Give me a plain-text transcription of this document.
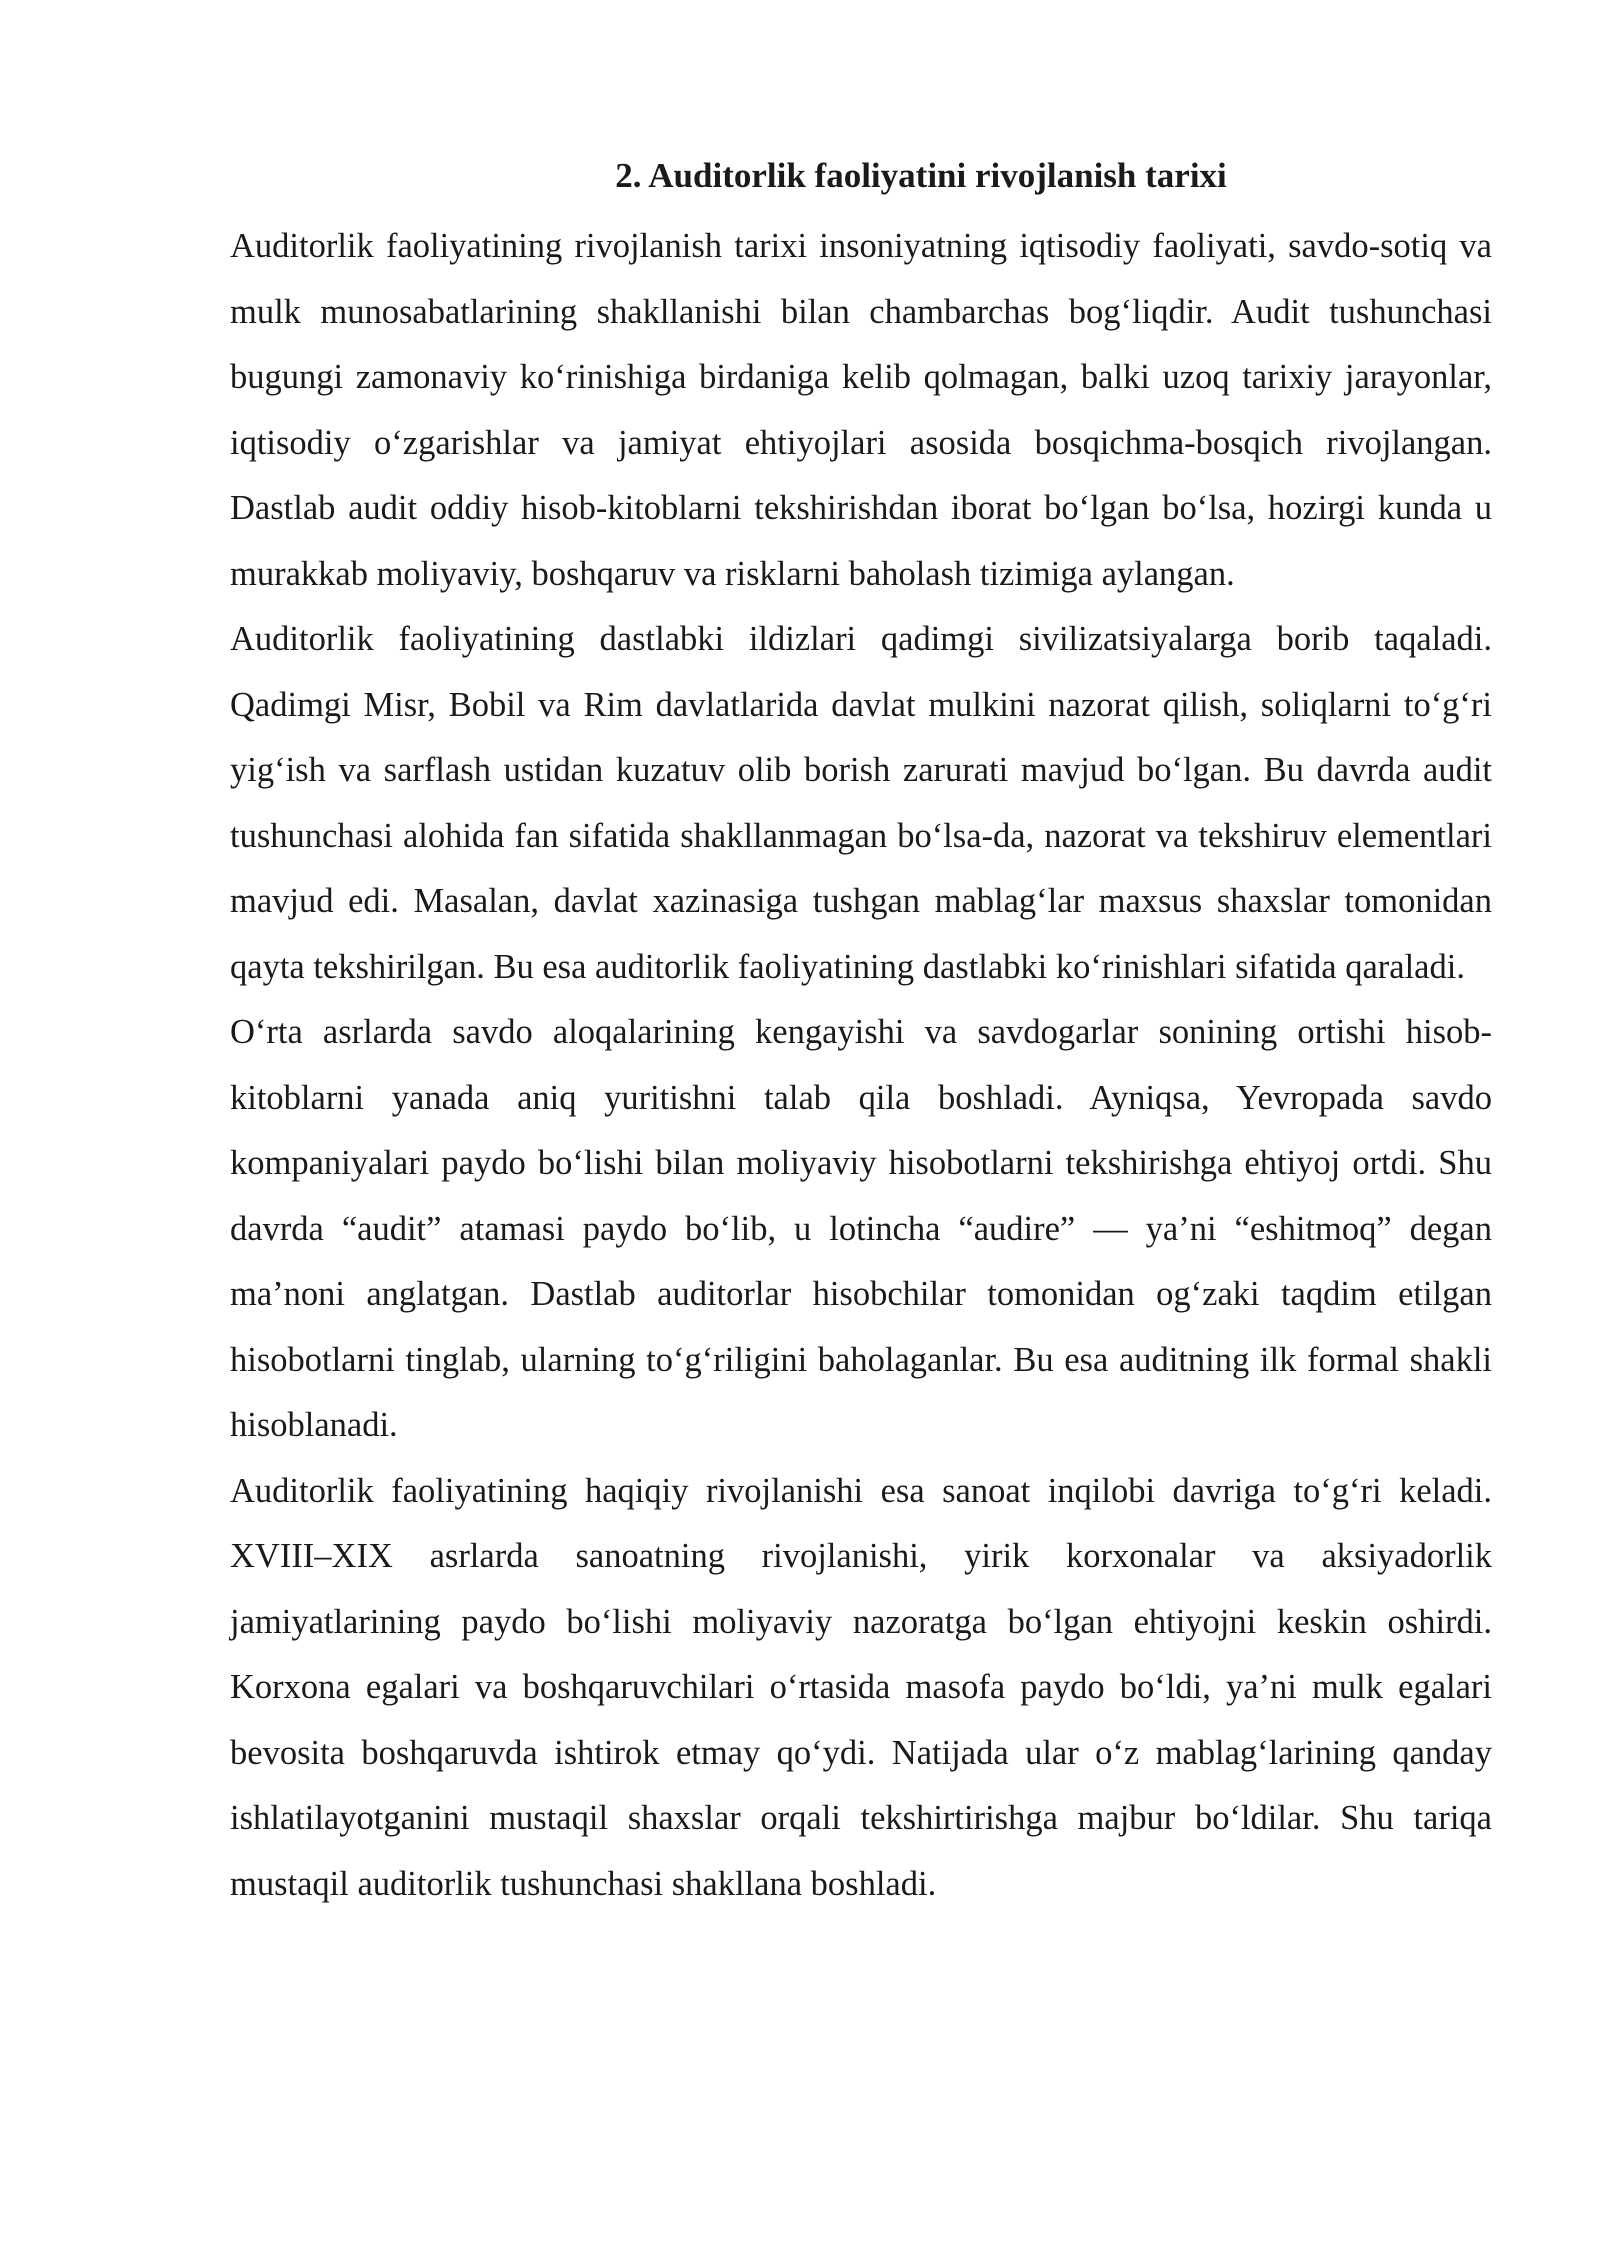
2. Auditorlik faoliyatini rivojlanish tarixi

Auditorlik faoliyatining rivojlanish tarixi insoniyatning iqtisodiy faoliyati, savdo-sotiq va mulk munosabatlarining shakllanishi bilan chambarchas bog‘liqdir. Audit tushunchasi bugungi zamonaviy ko‘rinishiga birdaniga kelib qolmagan, balki uzoq tarixiy jarayonlar, iqtisodiy o‘zgarishlar va jamiyat ehtiyojlari asosida bosqichma-bosqich rivojlangan. Dastlab audit oddiy hisob-kitoblarni tekshirishdan iborat bo‘lgan bo‘lsa, hozirgi kunda u murakkab moliyaviy, boshqaruv va risklarni baholash tizimiga aylangan.

Auditorlik faoliyatining dastlabki ildizlari qadimgi sivilizatsiyalarga borib taqaladi. Qadimgi Misr, Bobil va Rim davlatlarida davlat mulkini nazorat qilish, soliqlarni to‘g‘ri yig‘ish va sarflash ustidan kuzatuv olib borish zarurati mavjud bo‘lgan. Bu davrda audit tushunchasi alohida fan sifatida shakllanmagan bo‘lsa-da, nazorat va tekshiruv elementlari mavjud edi. Masalan, davlat xazinasiga tushgan mablag‘lar maxsus shaxslar tomonidan qayta tekshirilgan. Bu esa auditorlik faoliyatining dastlabki ko‘rinishlari sifatida qaraladi.

O‘rta asrlarda savdo aloqalarining kengayishi va savdogarlar sonining ortishi hisob-kitoblarni yanada aniq yuritishni talab qila boshladi. Ayniqsa, Yevropada savdo kompaniyalari paydo bo‘lishi bilan moliyaviy hisobotlarni tekshirishga ehtiyoj ortdi. Shu davrda “audit” atamasi paydo bo‘lib, u lotincha “audire” — ya’ni “eshitmoq” degan ma’noni anglatgan. Dastlab auditorlar hisobchilar tomonidan og‘zaki taqdim etilgan hisobotlarni tinglab, ularning to‘g‘riligini baholaganlar. Bu esa auditning ilk formal shakli hisoblanadi.

Auditorlik faoliyatining haqiqiy rivojlanishi esa sanoat inqilobi davriga to‘g‘ri keladi. XVIII–XIX asrlarda sanoatning rivojlanishi, yirik korxonalar va aksiyadorlik jamiyatlarining paydo bo‘lishi moliyaviy nazoratga bo‘lgan ehtiyojni keskin oshirdi. Korxona egalari va boshqaruvchilari o‘rtasida masofa paydo bo‘ldi, ya’ni mulk egalari bevosita boshqaruvda ishtirok etmay qo‘ydi. Natijada ular o‘z mablag‘larining qanday ishlatilayotganini mustaqil shaxslar orqali tekshirtirishga majbur bo‘ldilar. Shu tariqa mustaqil auditorlik tushunchasi shakllana boshladi.
